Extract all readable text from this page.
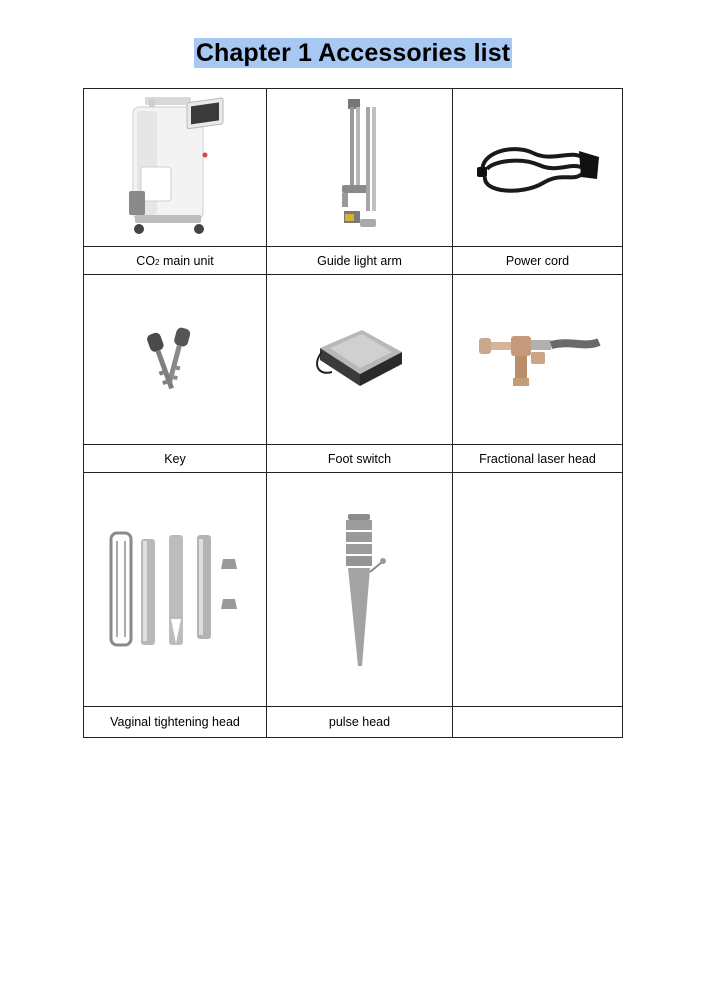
Chapter 1 Accessories list

CO2 main unit	Guide light arm	Power cord

Key	Foot switch	Fractional laser head

Vaginal tightening head	pulse head	
